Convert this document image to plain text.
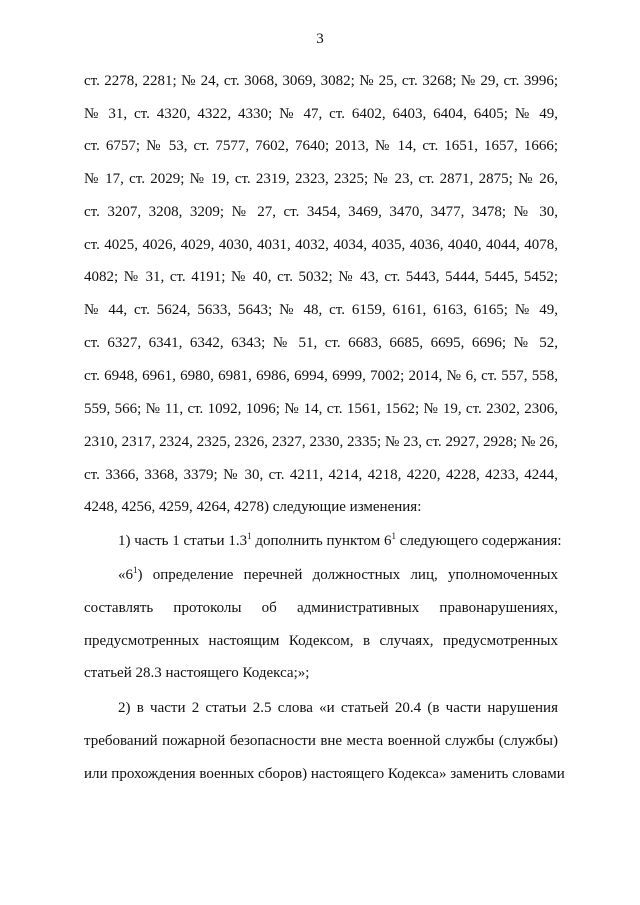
3
ст. 2278, 2281; № 24, ст. 3068, 3069, 3082; № 25, ст. 3268; № 29, ст. 3996;
№ 31, ст. 4320, 4322, 4330; № 47, ст. 6402, 6403, 6404, 6405; № 49,
ст. 6757; № 53, ст. 7577, 7602, 7640; 2013, № 14, ст. 1651, 1657, 1666;
№ 17, ст. 2029; № 19, ст. 2319, 2323, 2325; № 23, ст. 2871, 2875; № 26,
ст. 3207, 3208, 3209; № 27, ст. 3454, 3469, 3470, 3477, 3478; № 30,
ст. 4025, 4026, 4029, 4030, 4031, 4032, 4034, 4035, 4036, 4040, 4044, 4078,
4082; № 31, ст. 4191; № 40, ст. 5032; № 43, ст. 5443, 5444, 5445, 5452;
№ 44, ст. 5624, 5633, 5643; № 48, ст. 6159, 6161, 6163, 6165; № 49,
ст. 6327, 6341, 6342, 6343; № 51, ст. 6683, 6685, 6695, 6696; № 52,
ст. 6948, 6961, 6980, 6981, 6986, 6994, 6999, 7002; 2014, № 6, ст. 557, 558,
559, 566; № 11, ст. 1092, 1096; № 14, ст. 1561, 1562; № 19, ст. 2302, 2306,
2310, 2317, 2324, 2325, 2326, 2327, 2330, 2335; № 23, ст. 2927, 2928; № 26,
ст. 3366, 3368, 3379; № 30, ст. 4211, 4214, 4218, 4220, 4228, 4233, 4244,
4248, 4256, 4259, 4264, 4278) следующие изменения:
1) часть 1 статьи $1.3^1$ дополнить пунктом $6^1$ следующего содержания:
«$6^1$) определение перечней должностных лиц, уполномоченных
составлять протоколы об административных правонарушениях,
предусмотренных настоящим Кодексом, в случаях, предусмотренных
статьей 28.3 настоящего Кодекса;»;
2) в части 2 статьи 2.5 слова «и статьей 20.4 (в части нарушения
требований пожарной безопасности вне места военной службы (службы)
или прохождения военных сборов) настоящего Кодекса» заменить словами
